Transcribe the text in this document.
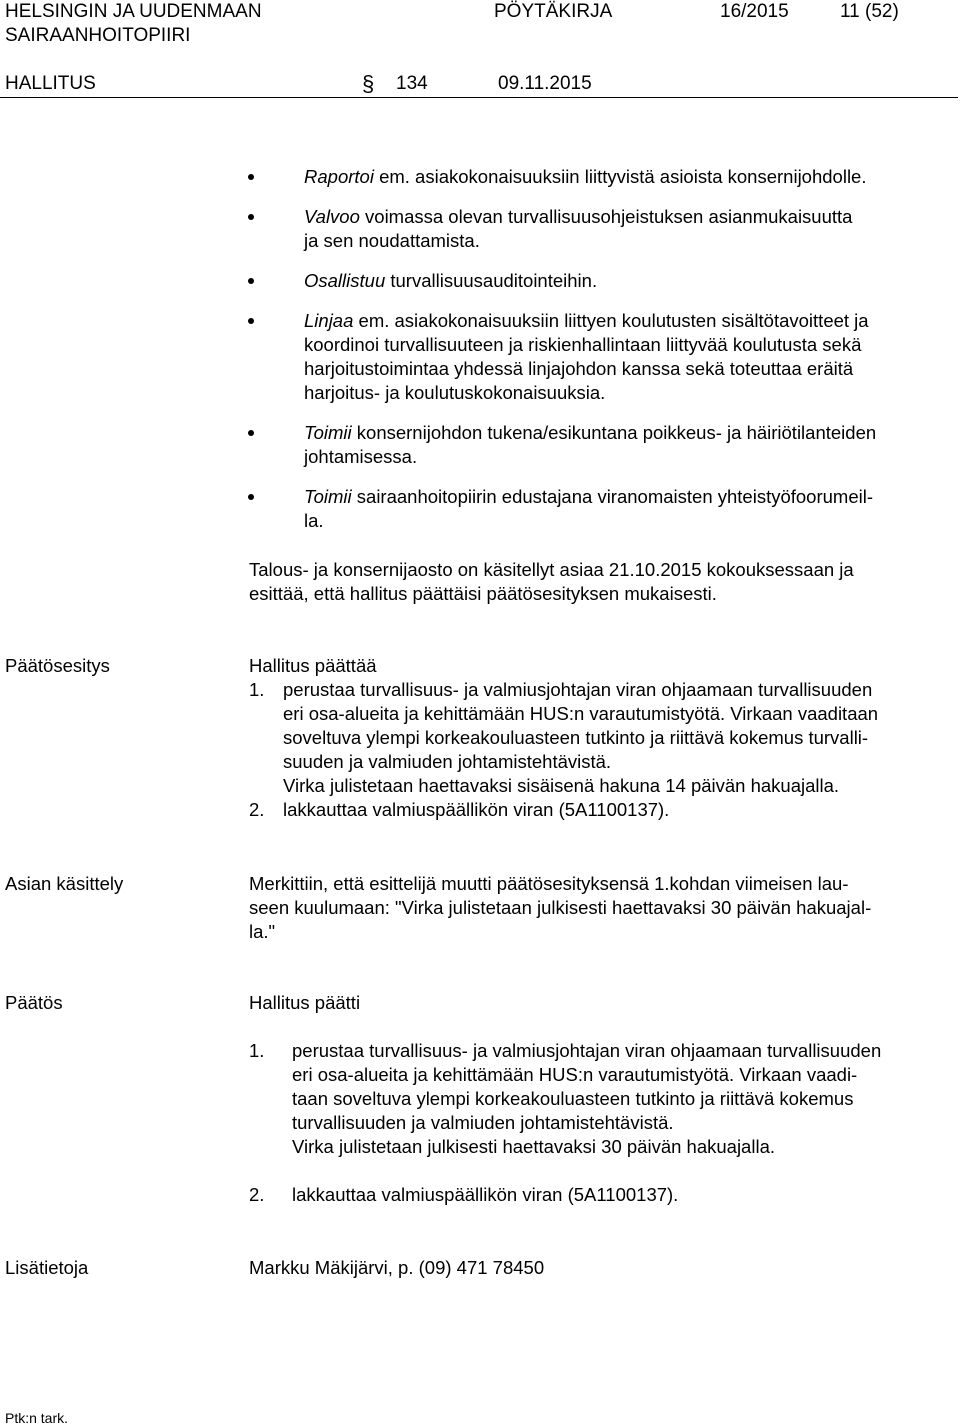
HELSINGIN JA UUDENMAAN
SAIRAANHOITOPIIRI
PÖYTÄKIRJA	16/2015	11 (52)
HALLITUS	§ 134	09.11.2015
Raportoi em. asiakokonaisuuksiin liittyvistä asioista konsernijohdolle.
Valvoo voimassa olevan turvallisuusohjeistuksen asianmukaisuutta
ja sen noudattamista.
Osallistuu turvallisuusauditointeihin.
Linjaa em. asiakokonaisuuksiin liittyen koulutusten sisältötavoitteet ja
koordinoi turvallisuuteen ja riskienhallintaan liittyvää koulutusta sekä
harjoitustoimintaa yhdessä linjajohdon kanssa sekä toteuttaa eräitä
harjoitus- ja koulutuskokonaisuuksia.
Toimii konsernijohdon tukena/esikuntana poikkeus- ja häiriötilanteiden
johtamisessa.
Toimii sairaanhoitopiirin edustajana viranomaisten yhteistyöfoorumeil-
la.
Talous- ja konsernijaosto on käsitellyt asiaa 21.10.2015 kokouksessaan ja
esittää, että hallitus päättäisi päätösesityksen mukaisesti.
Päätösesitys	Hallitus päättää
1. perustaa turvallisuus- ja valmiusjohtajan viran ohjaamaan turvallisuuden
eri osa-alueita ja kehittämään HUS:n varautumistyötä. Virkaan vaaditaan
soveltuva ylempi korkeakouluasteen tutkinto ja riittävä kokemus turvalli-
suuden ja valmiuden johtamistehtävistä.
Virka julistetaan haettavaksi sisäisenä hakuna 14 päivän hakuajalla.
2. lakkauttaa valmiuspäällikön viran (5A1100137).
Asian käsittely	Merkittiin, että esittelijä muutti päätösesityksensä 1.kohdan viimeisen lau-
seen kuulumaan: "Virka julistetaan julkisesti haettavaksi 30 päivän hakuajal-
la."
Päätös	Hallitus päätti
1. perustaa turvallisuus- ja valmiusjohtajan viran ohjaamaan turvallisuuden
eri osa-alueita ja kehittämään HUS:n varautumistyötä. Virkaan vaadi-
taan soveltuva ylempi korkeakouluasteen tutkinto ja riittävä kokemus
turvallisuuden ja valmiuden johtamistehtävistä.
Virka julistetaan julkisesti haettavaksi 30 päivän hakuajalla.
2. lakkauttaa valmiuspäällikön viran (5A1100137).
Lisätietoja	Markku Mäkijärvi, p. (09) 471 78450
Ptk:n tark.
